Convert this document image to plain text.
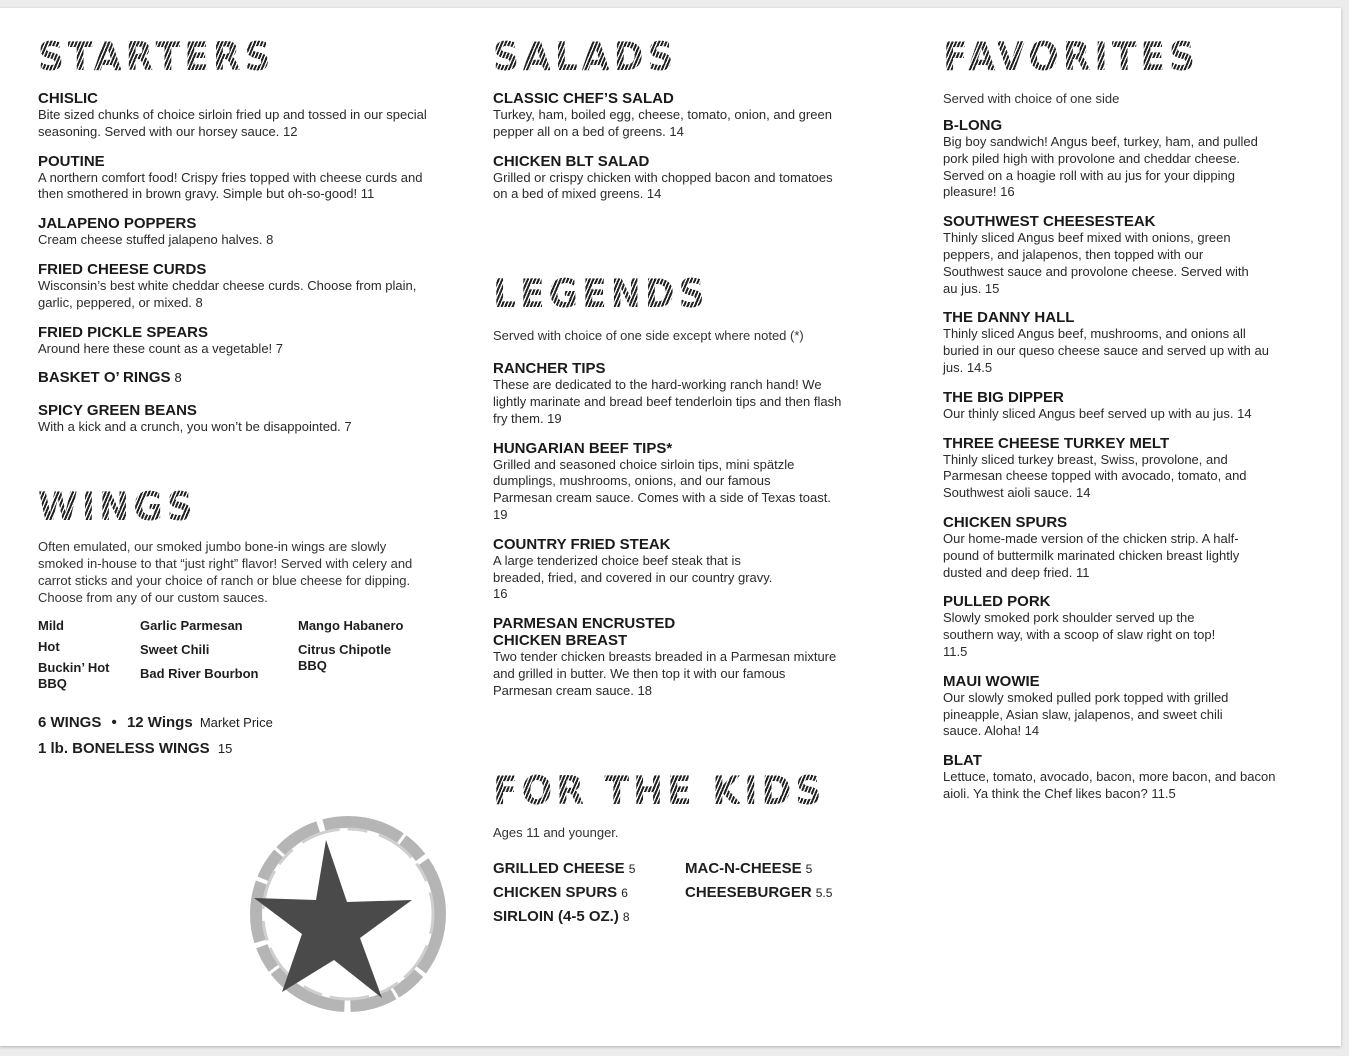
STARTERS
CHISLIC
Bite sized chunks of choice sirloin fried up and tossed in our special seasoning. Served with our horsey sauce. 12
POUTINE
A northern comfort food! Crispy fries topped with cheese curds and then smothered in brown gravy. Simple but oh-so-good! 11
JALAPENO POPPERS
Cream cheese stuffed jalapeno halves. 8
FRIED CHEESE CURDS
Wisconsin’s best white cheddar cheese curds. Choose from plain, garlic, peppered, or mixed. 8
FRIED PICKLE SPEARS
Around here these count as a vegetable! 7
BASKET O’ RINGS 8
SPICY GREEN BEANS
With a kick and a crunch, you won’t be disappointed. 7
WINGS
Often emulated, our smoked jumbo bone-in wings are slowly smoked in-house to that “just right” flavor! Served with celery and carrot sticks and your choice of ranch or blue cheese for dipping. Choose from any of our custom sauces.
Mild
Hot
Buckin’ Hot BBQ
Garlic Parmesan
Sweet Chili
Bad River Bourbon
Mango Habanero
Citrus Chipotle BBQ
6 WINGS • 12 Wings Market Price
1 lb. BONELESS WINGS 15
SALADS
CLASSIC CHEF’S SALAD
Turkey, ham, boiled egg, cheese, tomato, onion, and green pepper all on a bed of greens. 14
CHICKEN BLT SALAD
Grilled or crispy chicken with chopped bacon and tomatoes on a bed of mixed greens. 14
LEGENDS
Served with choice of one side except where noted (*)
RANCHER TIPS
These are dedicated to the hard-working ranch hand! We lightly marinate and bread beef tenderloin tips and then flash fry them. 19
HUNGARIAN BEEF TIPS*
Grilled and seasoned choice sirloin tips, mini spätzle dumplings, mushrooms, onions, and our famous Parmesan cream sauce. Comes with a side of Texas toast. 19
COUNTRY FRIED STEAK
A large tenderized choice beef steak that is breaded, fried, and covered in our country gravy. 16
PARMESAN ENCRUSTED CHICKEN BREAST
Two tender chicken breasts breaded in a Parmesan mixture and grilled in butter. We then top it with our famous Parmesan cream sauce. 18
FOR THE KIDS
Ages 11 and younger.
GRILLED CHEESE 5
CHICKEN SPURS 6
SIRLOIN (4-5 OZ.) 8
MAC-N-CHEESE 5
CHEESEBURGER 5.5
FAVORITES
Served with choice of one side
B-LONG
Big boy sandwich! Angus beef, turkey, ham, and pulled pork piled high with provolone and cheddar cheese. Served on a hoagie roll with au jus for your dipping pleasure! 16
SOUTHWEST CHEESESTEAK
Thinly sliced Angus beef mixed with onions, green peppers, and jalapenos, then topped with our Southwest sauce and provolone cheese. Served with au jus. 15
THE DANNY HALL
Thinly sliced Angus beef, mushrooms, and onions all buried in our queso cheese sauce and served up with au jus. 14.5
THE BIG DIPPER
Our thinly sliced Angus beef served up with au jus. 14
THREE CHEESE TURKEY MELT
Thinly sliced turkey breast, Swiss, provolone, and Parmesan cheese topped with avocado, tomato, and Southwest aioli sauce. 14
CHICKEN SPURS
Our home-made version of the chicken strip. A half-pound of buttermilk marinated chicken breast lightly dusted and deep fried. 11
PULLED PORK
Slowly smoked pork shoulder served up the southern way, with a scoop of slaw right on top! 11.5
MAUI WOWIE
Our slowly smoked pulled pork topped with grilled pineapple, Asian slaw, jalapenos, and sweet chili sauce. Aloha! 14
BLAT
Lettuce, tomato, avocado, bacon, more bacon, and bacon aioli. Ya think the Chef likes bacon? 11.5
